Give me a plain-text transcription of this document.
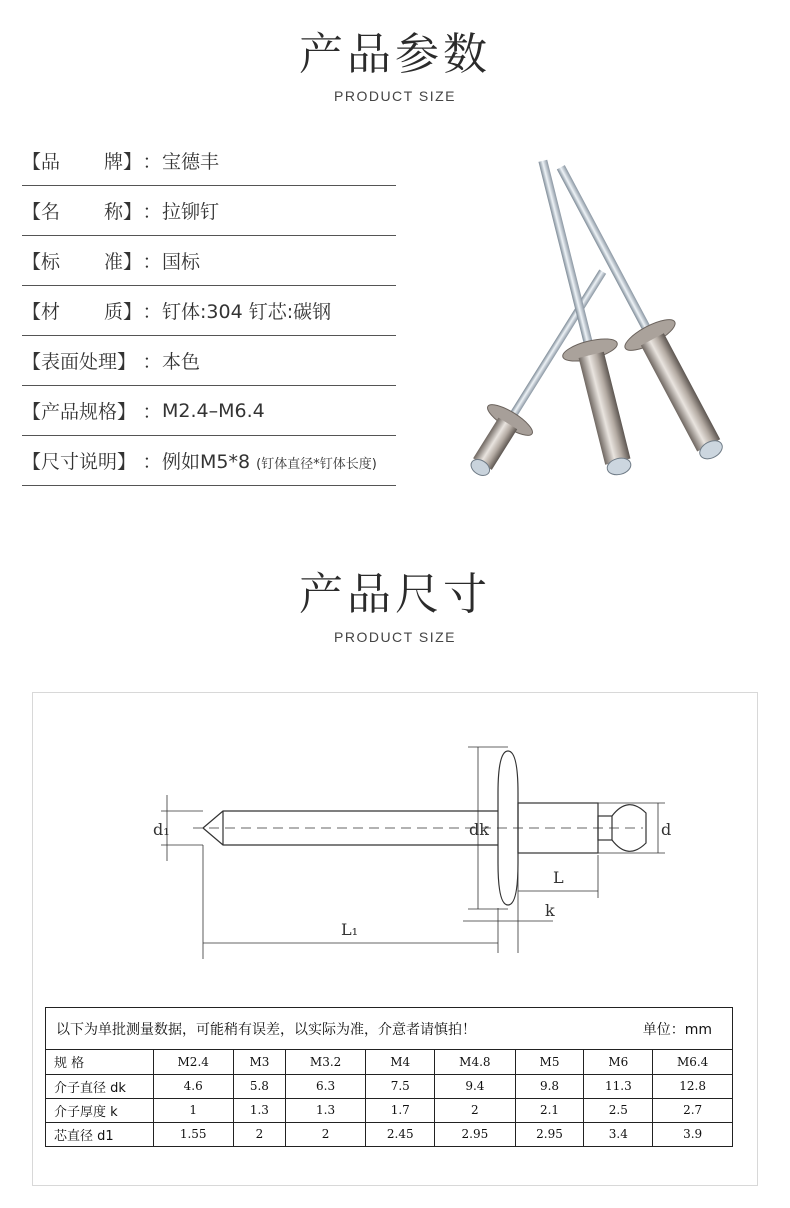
产品参数
PRODUCT SIZE
【品 牌】 ： 宝德丰
【名 称】 ： 拉铆钉
【标 准】 ： 国标
【材 质】 ： 钉体:304 钉芯:碳钢
【表面处理】 ： 本色
【产品规格】 ： M2.4–M6.4
【尺寸说明】 ： 例如M5*8 (钉体直径*钉体长度)
产品尺寸
PRODUCT SIZE
d₁	dk	d
L
k
L₁
以下为单批测量数据，可能稍有误差，以实际为准，介意者请慎拍！	单位：mm
规 格	M2.4	M3	M3.2	M4	M4.8	M5	M6	M6.4
介子直径 dk	4.6	5.8	6.3	7.5	9.4	9.8	11.3	12.8
介子厚度 k	1	1.3	1.3	1.7	2	2.1	2.5	2.7
芯直径 d1	1.55	2	2	2.45	2.95	2.95	3.4	3.9
